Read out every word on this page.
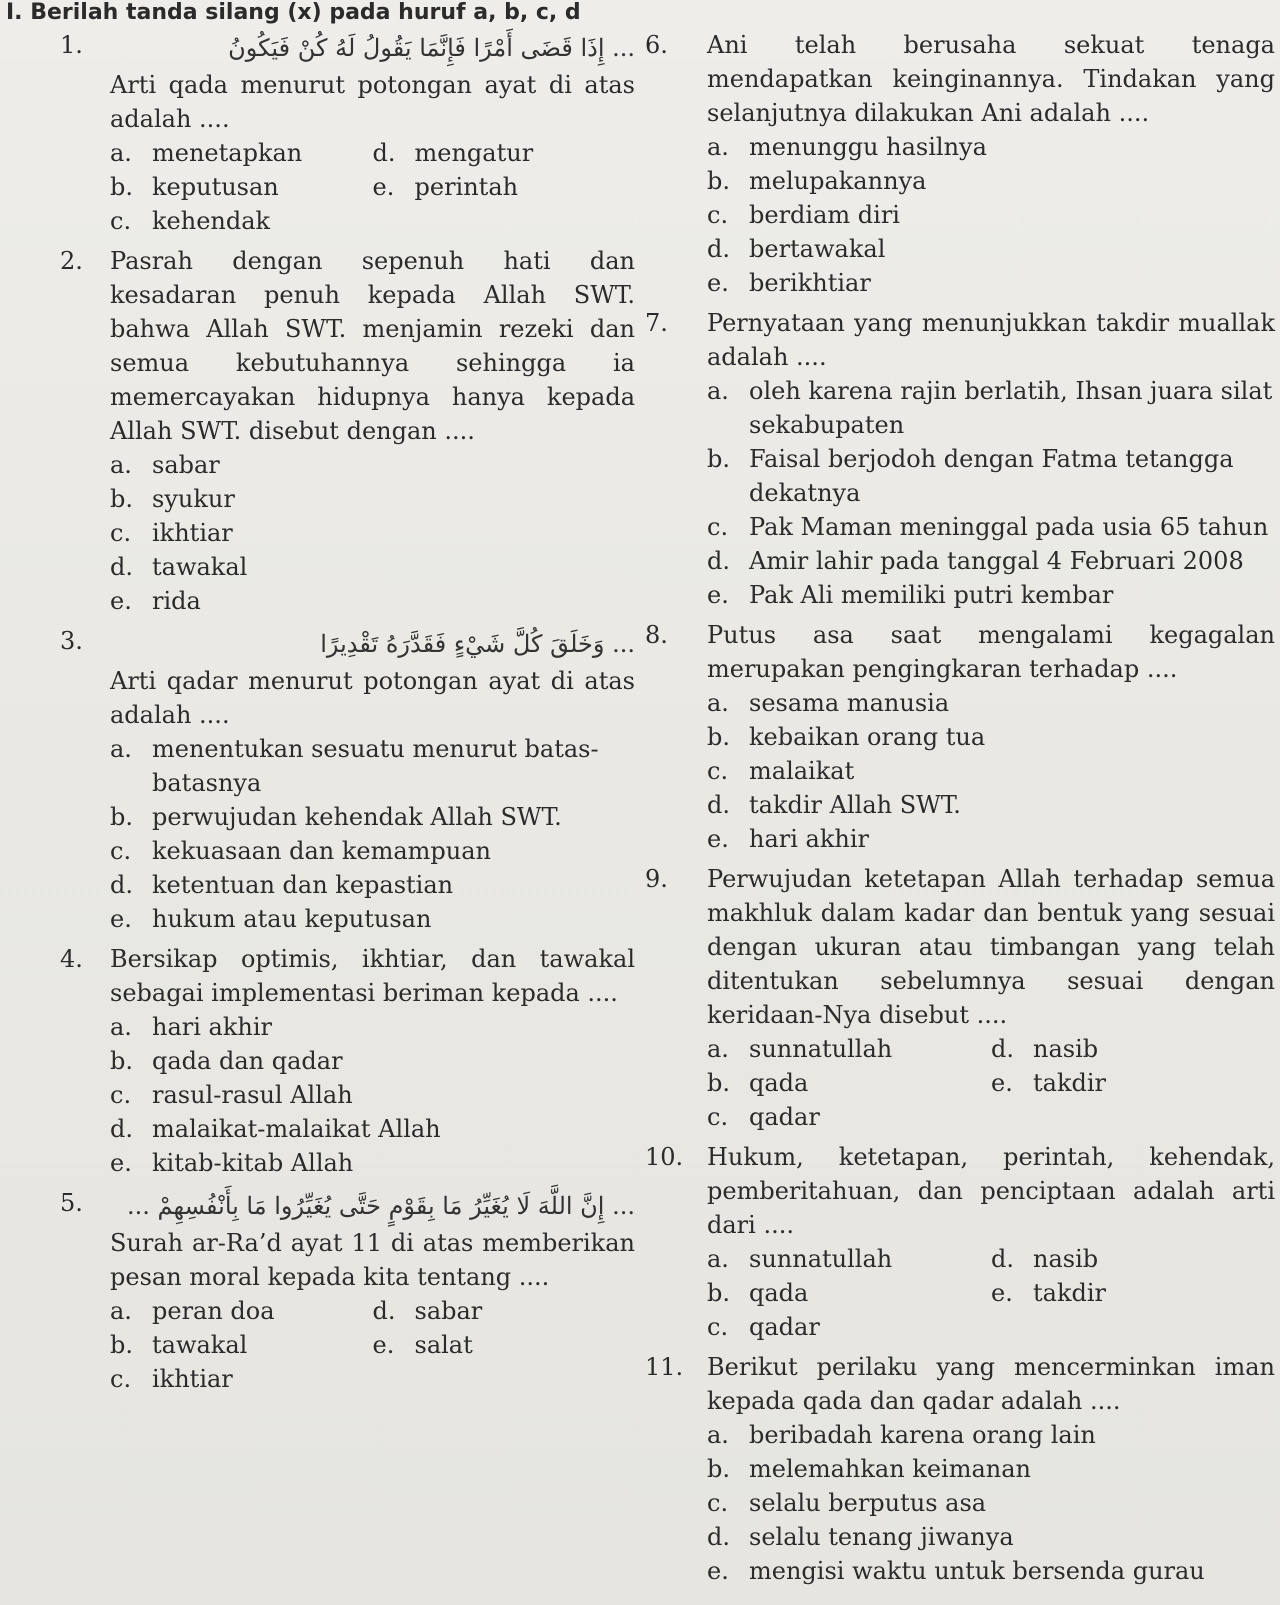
I. Berilah tanda silang (x) pada huruf a, b, c, d
1.	... إِذَا قَضَى أَمْرًا فَإِنَّمَا يَقُولُ لَهُ كُنْ فَيَكُونُ
Arti qada menurut potongan ayat di atas adalah ....
a. menetapkan	d. mengatur
b. keputusan	e. perintah
c. kehendak
2. Pasrah dengan sepenuh hati dan kesadaran penuh kepada Allah SWT. bahwa Allah SWT. menjamin rezeki dan semua kebutuhannya sehingga ia memercayakan hidupnya hanya kepada Allah SWT. disebut dengan ....
a. sabar
b. syukur
c. ikhtiar
d. tawakal
e. rida
3.	... وَخَلَقَ كُلَّ شَيْءٍ فَقَدَّرَهُ تَقْدِيرًا
Arti qadar menurut potongan ayat di atas adalah ....
a. menentukan sesuatu menurut batas-batasnya
b. perwujudan kehendak Allah SWT.
c. kekuasaan dan kemampuan
d. ketentuan dan kepastian
e. hukum atau keputusan
4. Bersikap optimis, ikhtiar, dan tawakal sebagai implementasi beriman kepada ....
a. hari akhir
b. qada dan qadar
c. rasul-rasul Allah
d. malaikat-malaikat Allah
e. kitab-kitab Allah
5.	... إِنَّ اللَّهَ لَا يُغَيِّرُ مَا بِقَوْمٍ حَتَّى يُغَيِّرُوا مَا بِأَنْفُسِهِمْ ...
Surah ar-Ra’d ayat 11 di atas memberikan pesan moral kepada kita tentang ....
a. peran doa	d. sabar
b. tawakal	e. salat
c. ikhtiar
6. Ani telah berusaha sekuat tenaga mendapatkan keinginannya. Tindakan yang selanjutnya dilakukan Ani adalah ....
a. menunggu hasilnya
b. melupakannya
c. berdiam diri
d. bertawakal
e. berikhtiar
7. Pernyataan yang menunjukkan takdir muallak adalah ....
a. oleh karena rajin berlatih, Ihsan juara silat sekabupaten
b. Faisal berjodoh dengan Fatma tetangga dekatnya
c. Pak Maman meninggal pada usia 65 tahun
d. Amir lahir pada tanggal 4 Februari 2008
e. Pak Ali memiliki putri kembar
8. Putus asa saat mengalami kegagalan merupakan pengingkaran terhadap ....
a. sesama manusia
b. kebaikan orang tua
c. malaikat
d. takdir Allah SWT.
e. hari akhir
9. Perwujudan ketetapan Allah terhadap semua makhluk dalam kadar dan bentuk yang sesuai dengan ukuran atau timbangan yang telah ditentukan sebelumnya sesuai dengan keridaan-Nya disebut ....
a. sunnatullah	d. nasib
b. qada	e. takdir
c. qadar
10. Hukum, ketetapan, perintah, kehendak, pemberitahuan, dan penciptaan adalah arti dari ....
a. sunnatullah	d. nasib
b. qada	e. takdir
c. qadar
11. Berikut perilaku yang mencerminkan iman kepada qada dan qadar adalah ....
a. beribadah karena orang lain
b. melemahkan keimanan
c. selalu berputus asa
d. selalu tenang jiwanya
e. mengisi waktu untuk bersenda gurau
